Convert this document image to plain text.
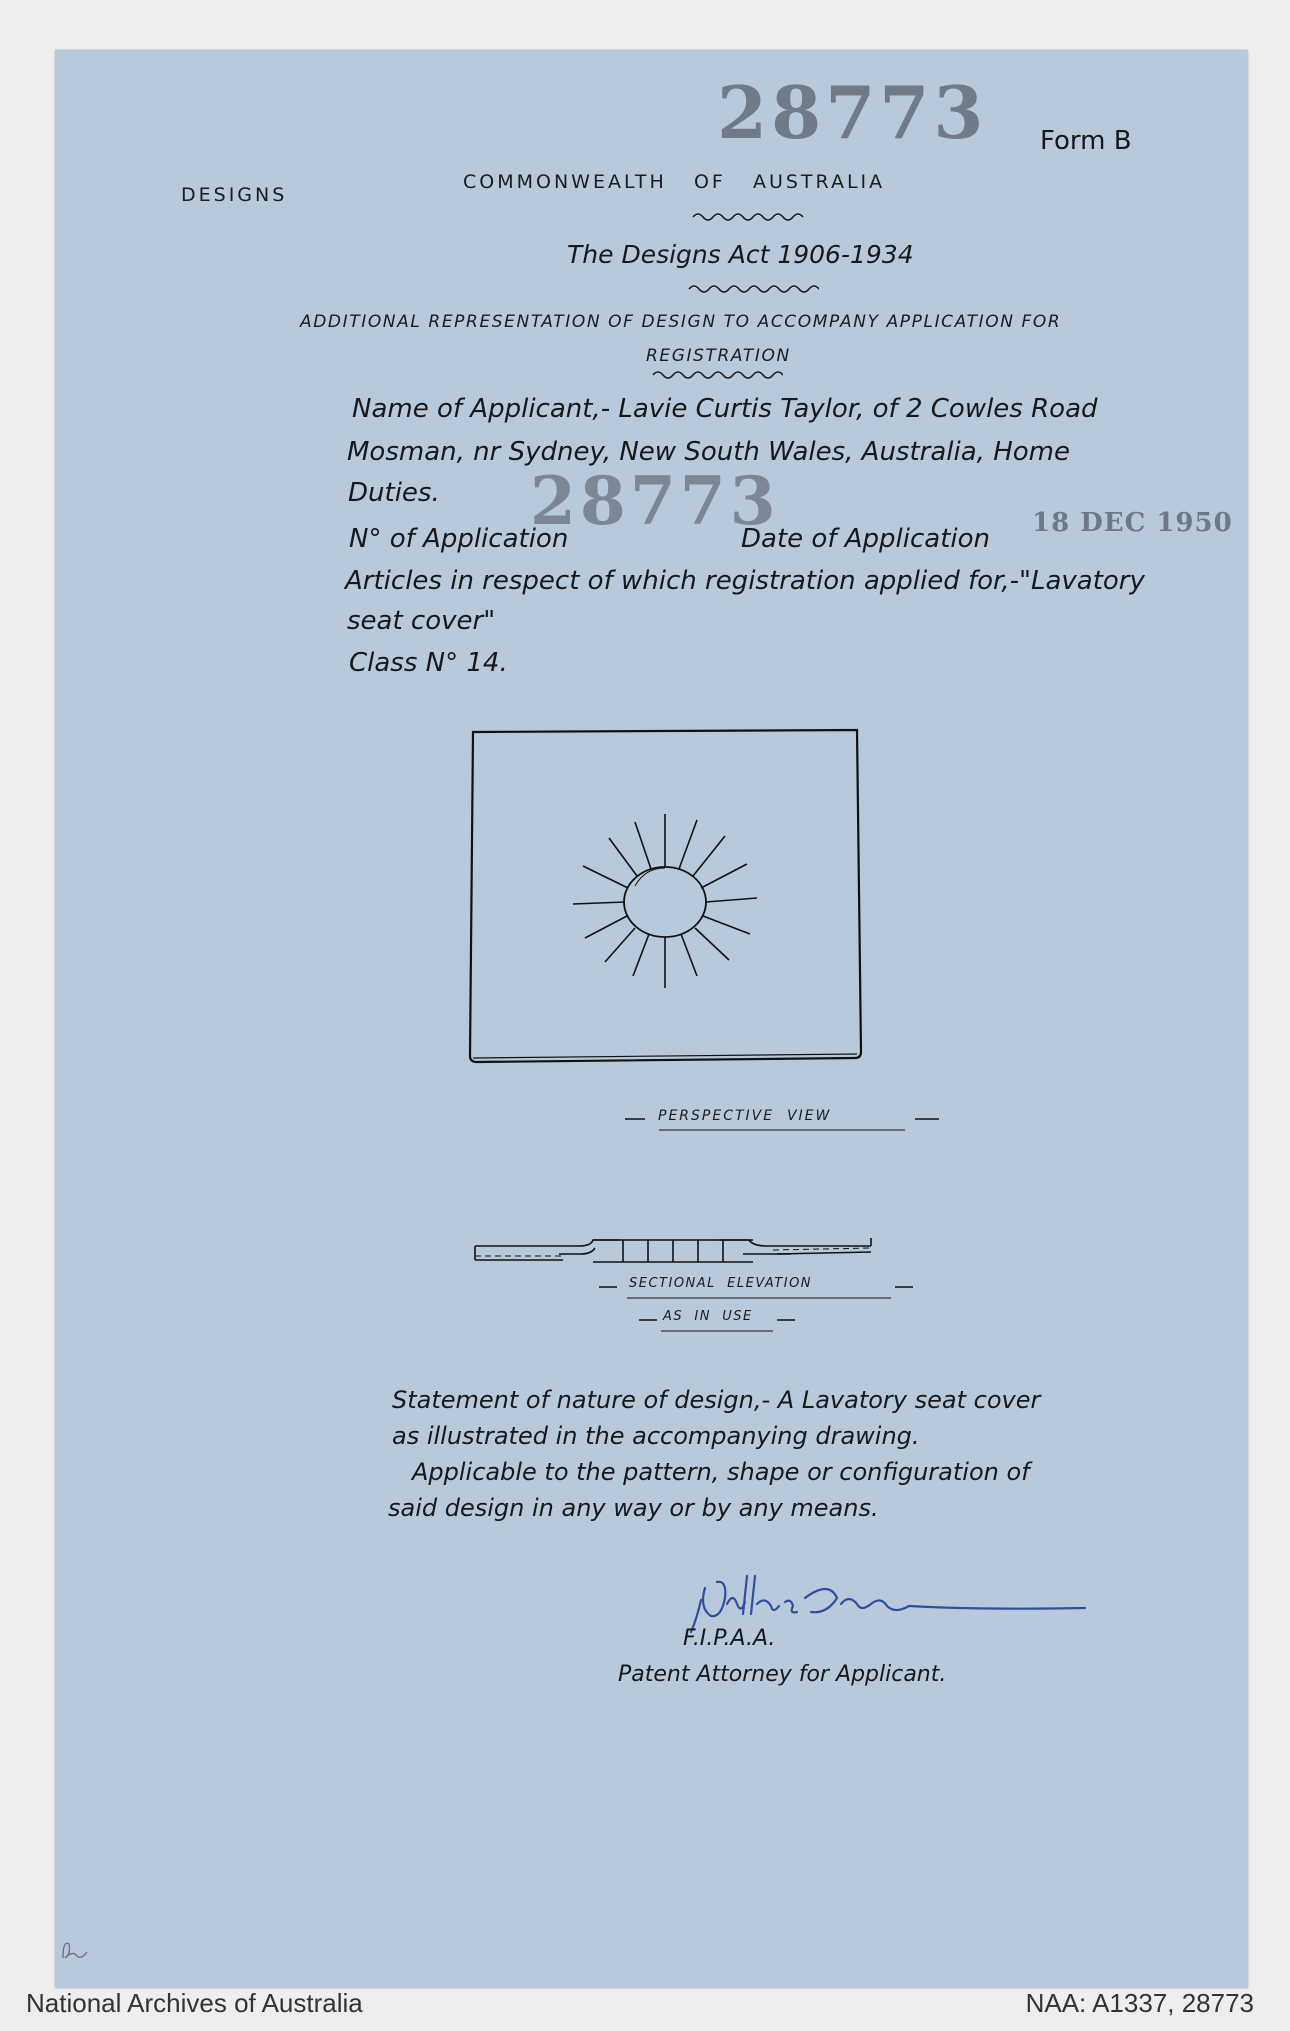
28773 Form B
DESIGNS
COMMONWEALTH   OF   AUSTRALIA
The Designs Act 1906-1934
ADDITIONAL REPRESENTATION OF DESIGN TO ACCOMPANY APPLICATION FOR
REGISTRATION
Name of Applicant,- Lavie Curtis Taylor, of 2 Cowles Road
Mosman, nr Sydney, New South Wales, Australia, Home
Duties. 28773
N° of Application	Date of Application
18 DEC 1950
Articles in respect of which registration applied for,-"Lavatory
seat cover"
Class N° 14.
PERSPECTIVE  VIEW
SECTIONAL  ELEVATION
AS  IN  USE
Statement of nature of design,- A Lavatory seat cover
as illustrated in the accompanying drawing.
Applicable to the pattern, shape or configuration of
said design in any way or by any means.
F.I.P.A.A.
Patent Attorney for Applicant.
National Archives of Australia	NAA: A1337, 28773
